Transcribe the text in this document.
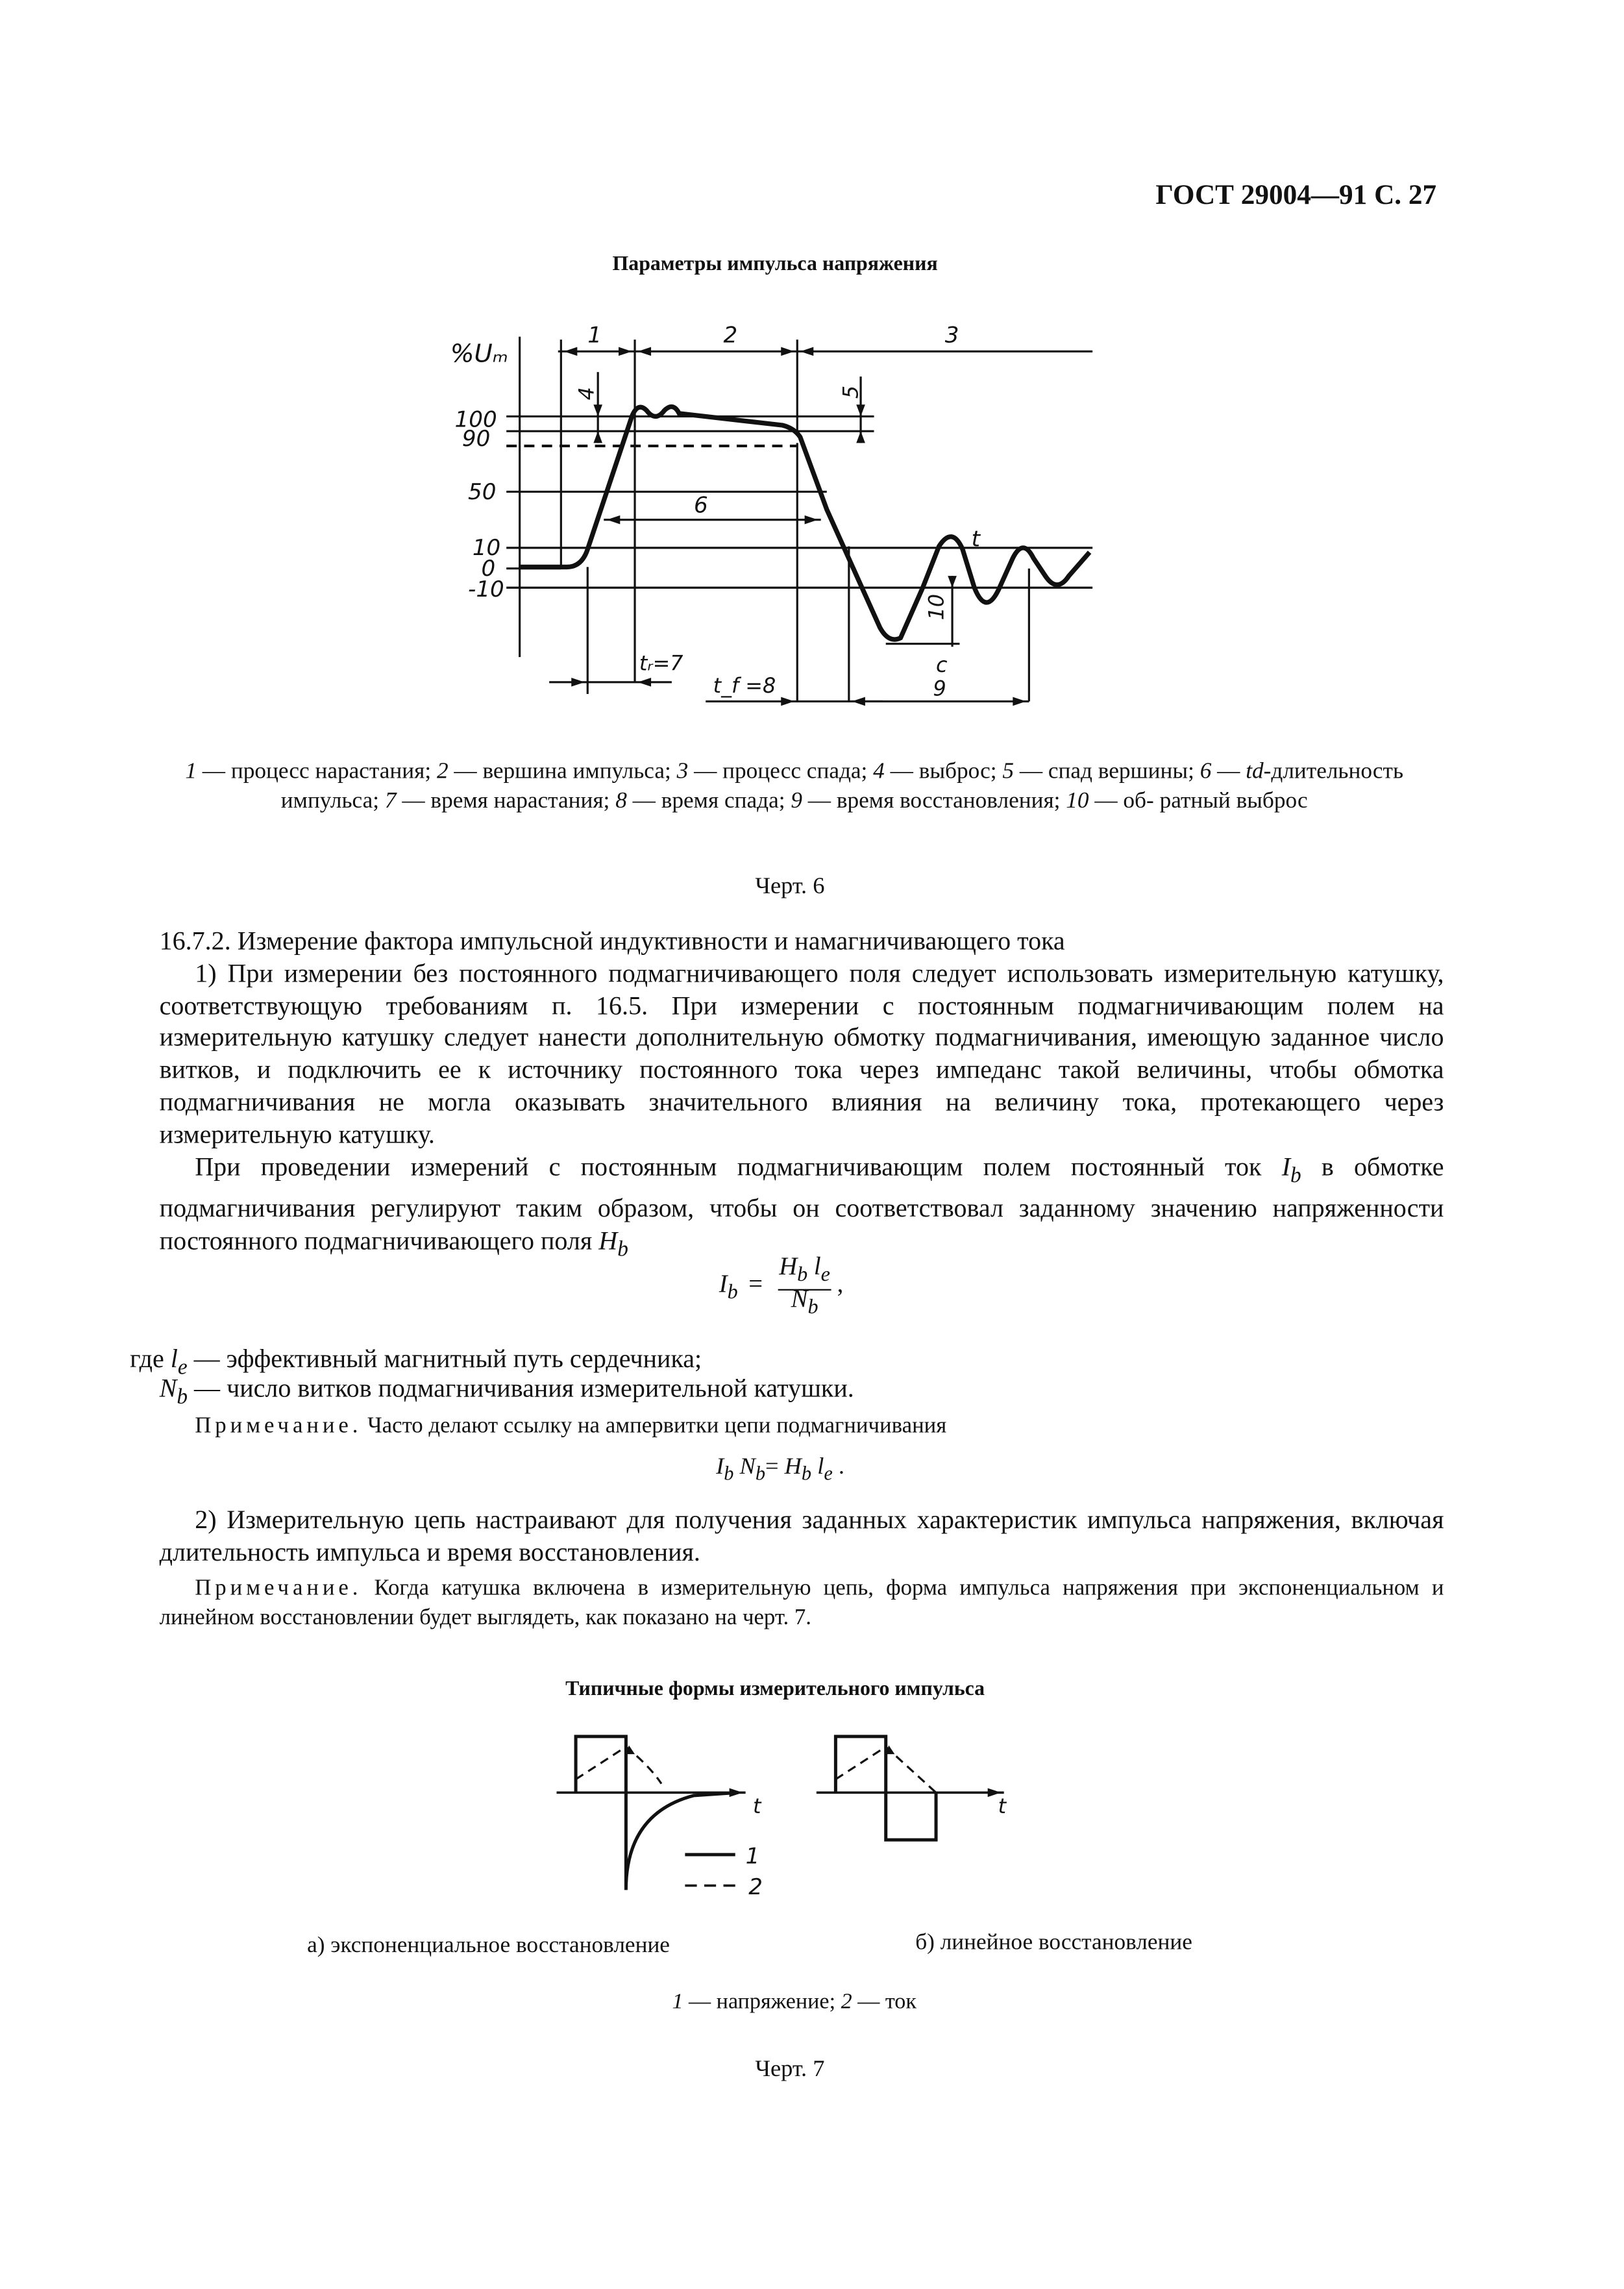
ГОСТ 29004—91 С. 27
Параметры импульса напряжения
%Uₘ
100
90
50
10
0
-10
1	2	3
4	5
6
10
t
tᵣ=7
t_f =8
c
9
1 — процесс нарастания; 2 — вершина импульса; 3 — процесс спада; 4 — выброс; 5 — спад вершины; 6 — td-длительность импульса; 7 — время нарастания; 8 — время спада; 9 — время восстановления; 10 — об- ратный выброс
Черт. 6

16.7.2. Измерение фактора импульсной индуктивности и намагничивающего тока

1) При измерении без постоянного подмагничивающего поля следует использовать измерительную катушку, соответствующую требованиям п. 16.5. При измерении с постоянным подмагничивающим полем на измерительную катушку следует нанести дополнительную обмотку подмагничивания, имеющую заданное число витков, и подключить ее к источнику постоянного тока через импеданс такой величины, чтобы обмотка подмагничивания не могла оказывать значительного влияния на величину тока, протекающего через измерительную катушку.

При проведении измерений с постоянным подмагничивающим полем постоянный ток $I_b$ в обмотке подмагничивания регулируют таким образом, чтобы он соответствовал заданному значению напряженности постоянного подмагничивающего поля $H_b$

$I_b$ =
$H_b$ $l_e$
$N_b$
,
где $l_e$ — эффективный магнитный путь сердечника;
$N_b$ — число витков подмагничивания измерительной катушки.
Примечание. Часто делают ссылку на ампервитки цепи подмагничивания
$I_b$ $N_b= H_b$ $l_e$ .
2) Измерительную цепь настраивают для получения заданных характеристик импульса напряжения, включая длительность импульса и время восстановления.
Примечание. Когда катушка включена в измерительную цепь, форма импульса напряжения при экспоненциальном и линейном восстановлении будет выглядеть, как показано на черт. 7.
Типичные формы измерительного импульса
t
1
2
t
а) экспоненциальное восстановление	б) линейное восстановление
1 — напряжение; 2 — ток
Черт. 7
